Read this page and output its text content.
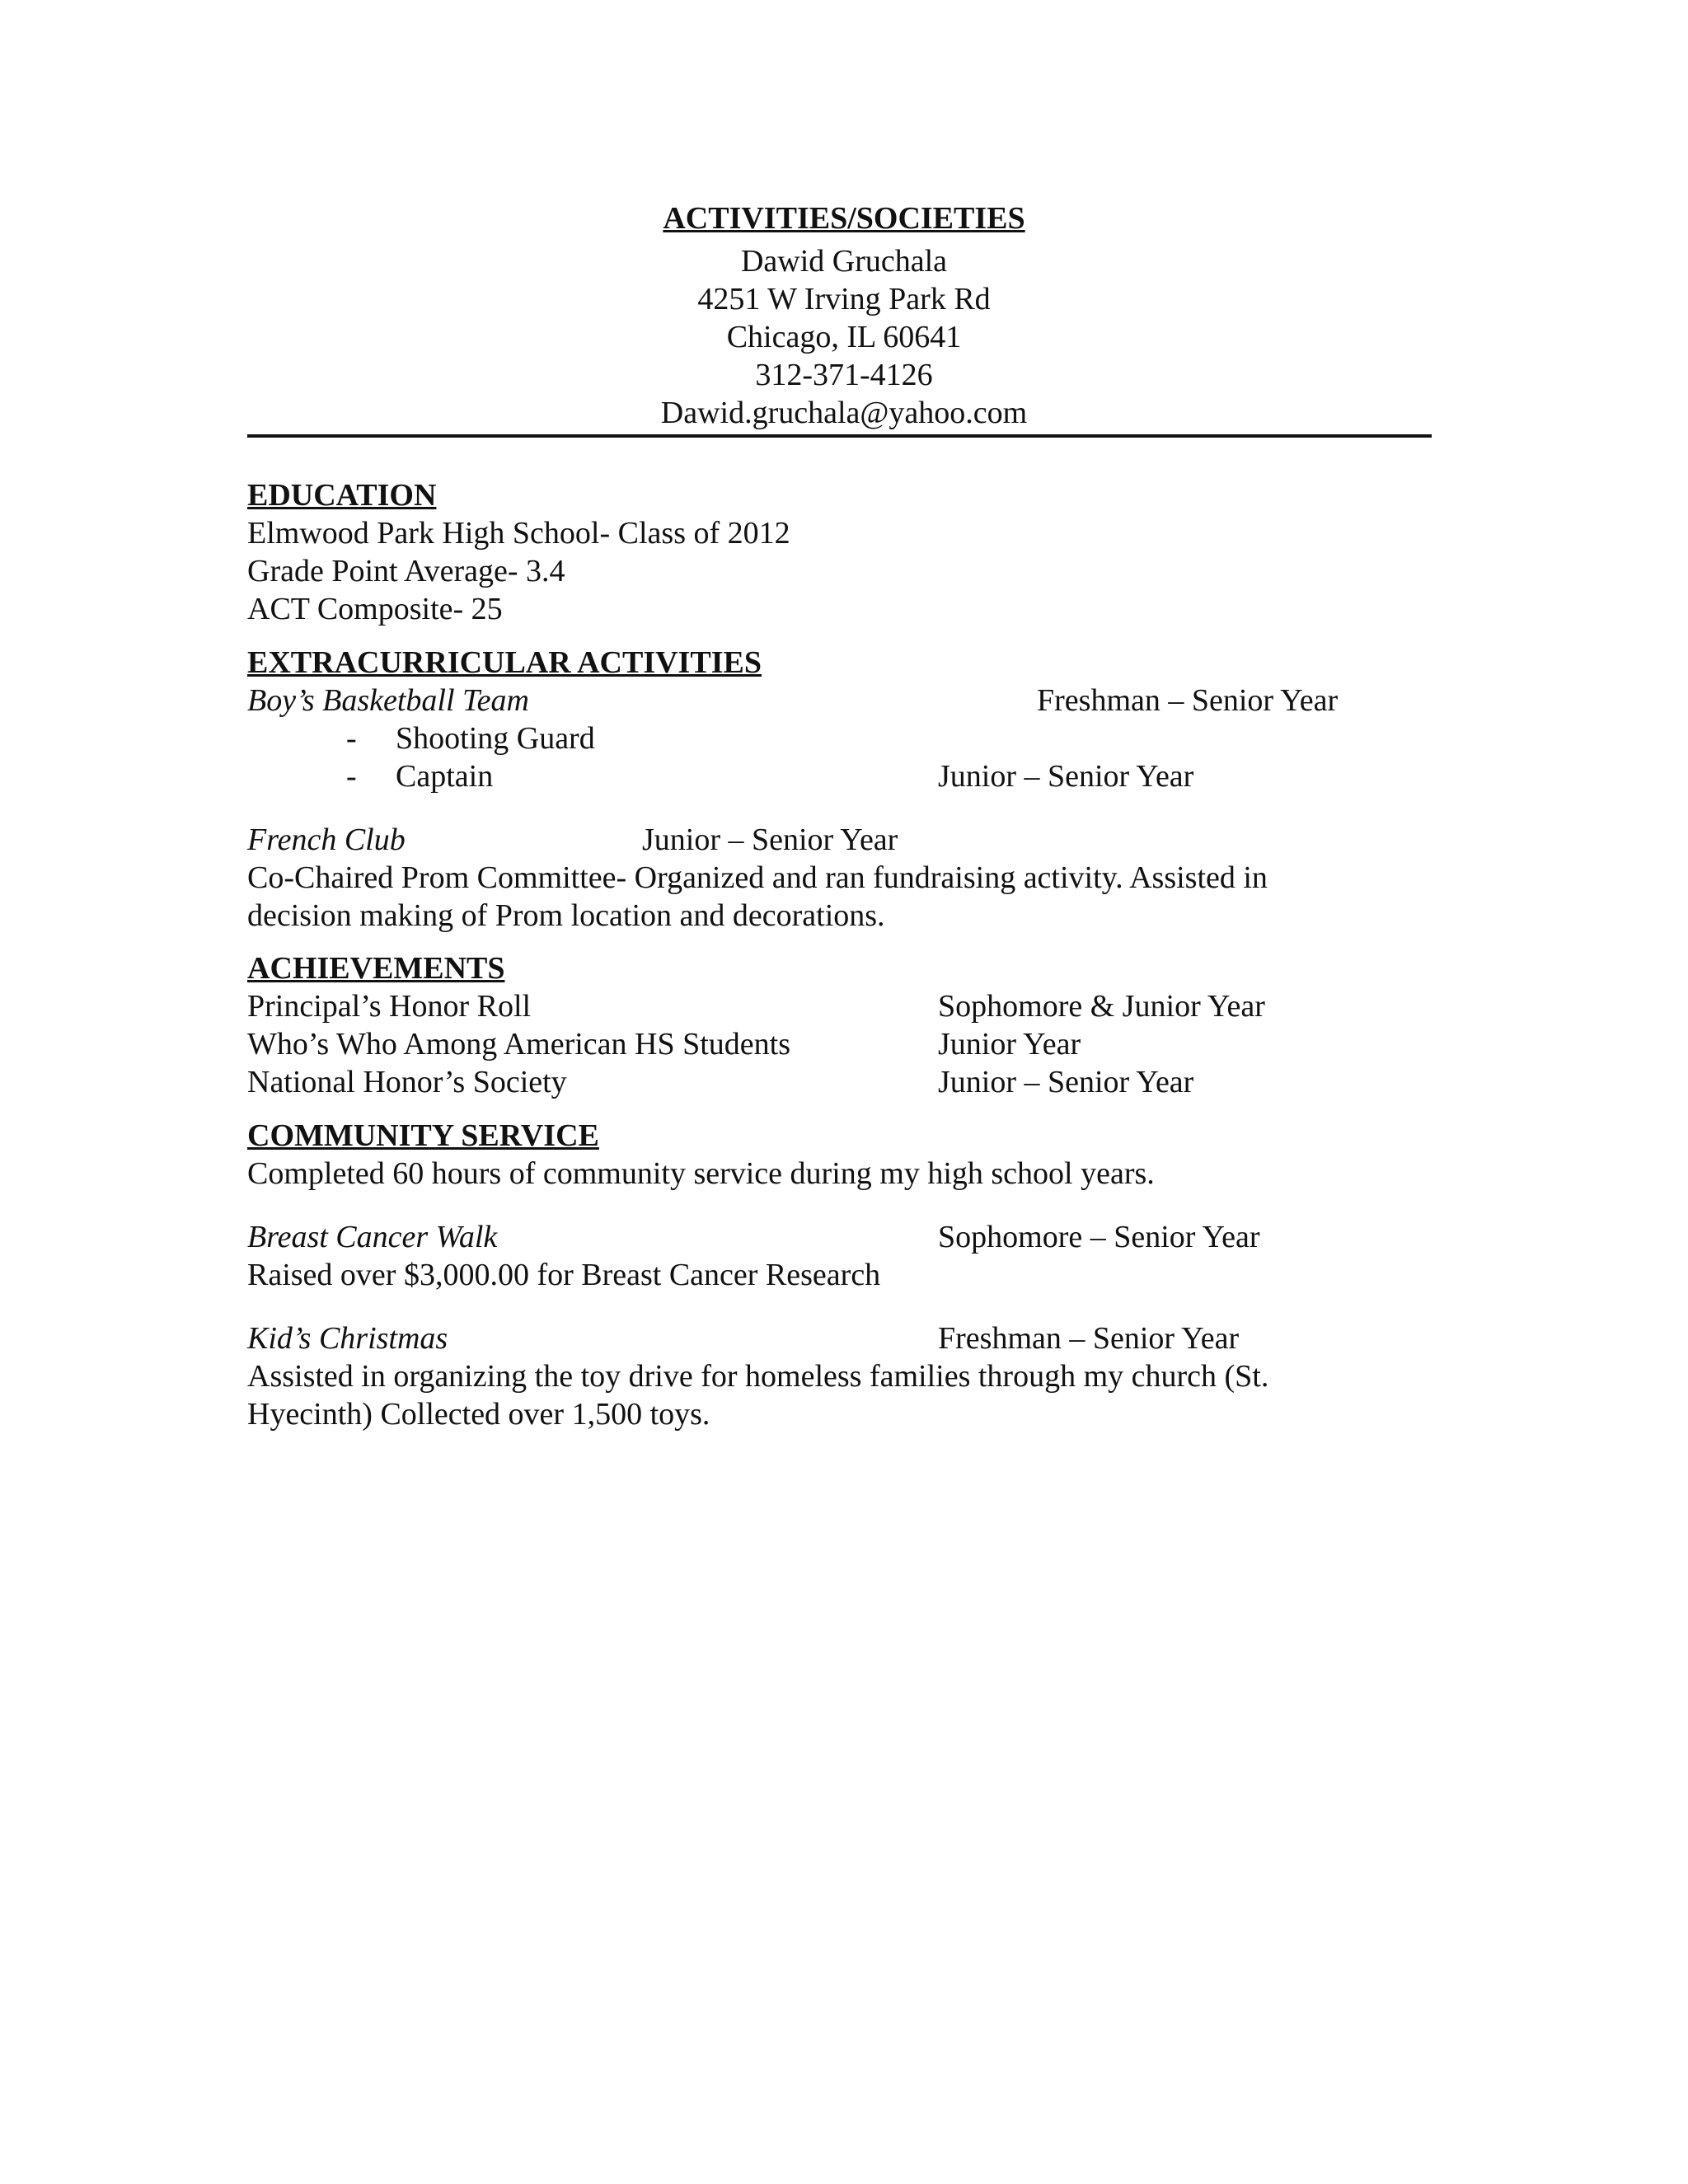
ACTIVITIES/SOCIETIES
Dawid Gruchala
4251 W Irving Park Rd
Chicago, IL 60641
312-371-4126
Dawid.gruchala@yahoo.com
EDUCATION
Elmwood Park High School- Class of 2012
Grade Point Average- 3.4
ACT Composite- 25
EXTRACURRICULAR ACTIVITIES
Boy’s Basketball Team	Freshman – Senior Year
- Shooting Guard
- Captain	Junior – Senior Year
French Club	Junior – Senior Year
Co-Chaired Prom Committee- Organized and ran fundraising activity. Assisted in
decision making of Prom location and decorations.
ACHIEVEMENTS
Principal’s Honor Roll	Sophomore & Junior Year
Who’s Who Among American HS Students	Junior Year
National Honor’s Society	Junior – Senior Year
COMMUNITY SERVICE
Completed 60 hours of community service during my high school years.
Breast Cancer Walk	Sophomore – Senior Year
Raised over $3,000.00 for Breast Cancer Research
Kid’s Christmas	Freshman – Senior Year
Assisted in organizing the toy drive for homeless families through my church (St.
Hyecinth) Collected over 1,500 toys.
